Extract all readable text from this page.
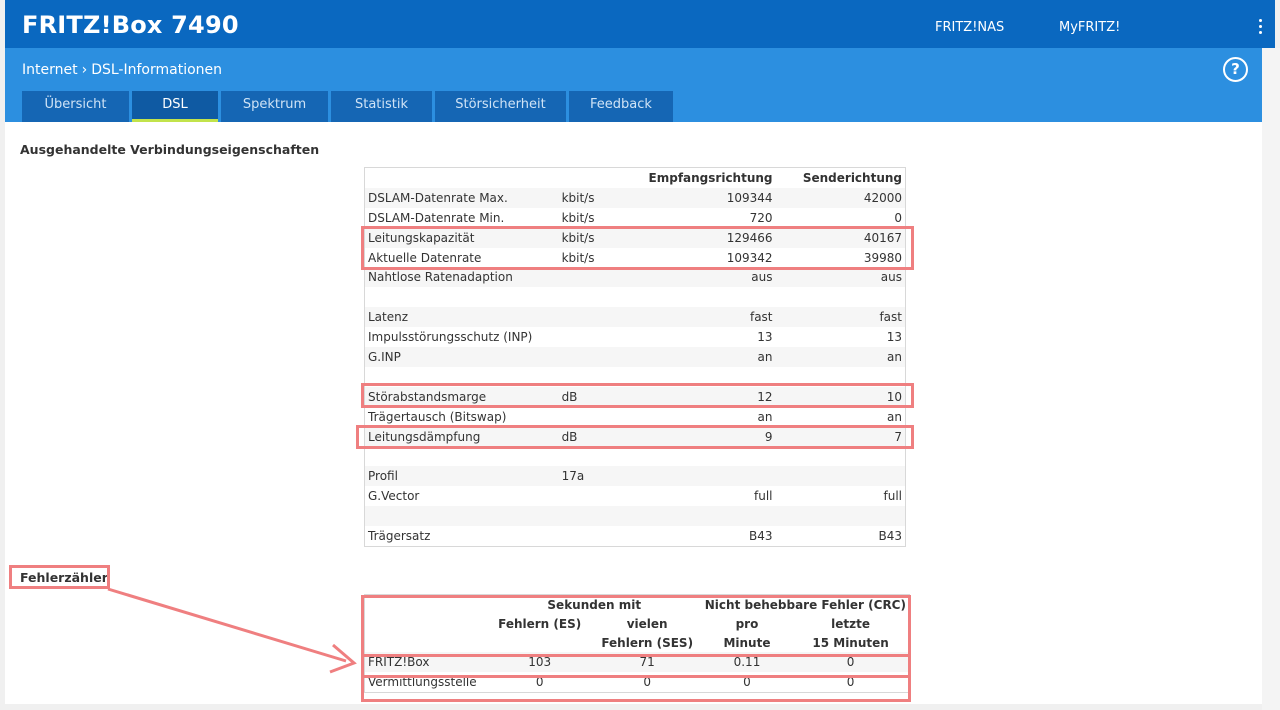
FRITZ!Box 7490	FRITZ!NAS	MyFRITZ!
Internet › DSL-Informationen	?
Übersicht	DSL	Spektrum	Statistik	Störsicherheit	Feedback
Ausgehandelte Verbindungseigenschaften
		Empfangsrichtung	Senderichtung
DSLAM-Datenrate Max.	kbit/s	109344	42000
DSLAM-Datenrate Min.	kbit/s	720	0
Leitungskapazität	kbit/s	129466	40167
Aktuelle Datenrate	kbit/s	109342	39980
Nahtlose Ratenadaption		aus	aus

Latenz		fast	fast
Impulsstörungsschutz (INP)		13	13
G.INP		an	an

Störabstandsmarge	dB	12	10
Trägertausch (Bitswap)		an	an
Leitungsdämpfung	dB	9	7

Profil	17a		
G.Vector		full	full

Trägersatz		B43	B43
Fehlerzähler
	Sekunden mit		Nicht behebbare Fehler (CRC)	
	Fehlern (ES)	vielen	pro	letzte
		Fehlern (SES)	Minute	15 Minuten
FRITZ!Box	103	71	0.11	0
Vermittlungsstelle	0	0	0	0
